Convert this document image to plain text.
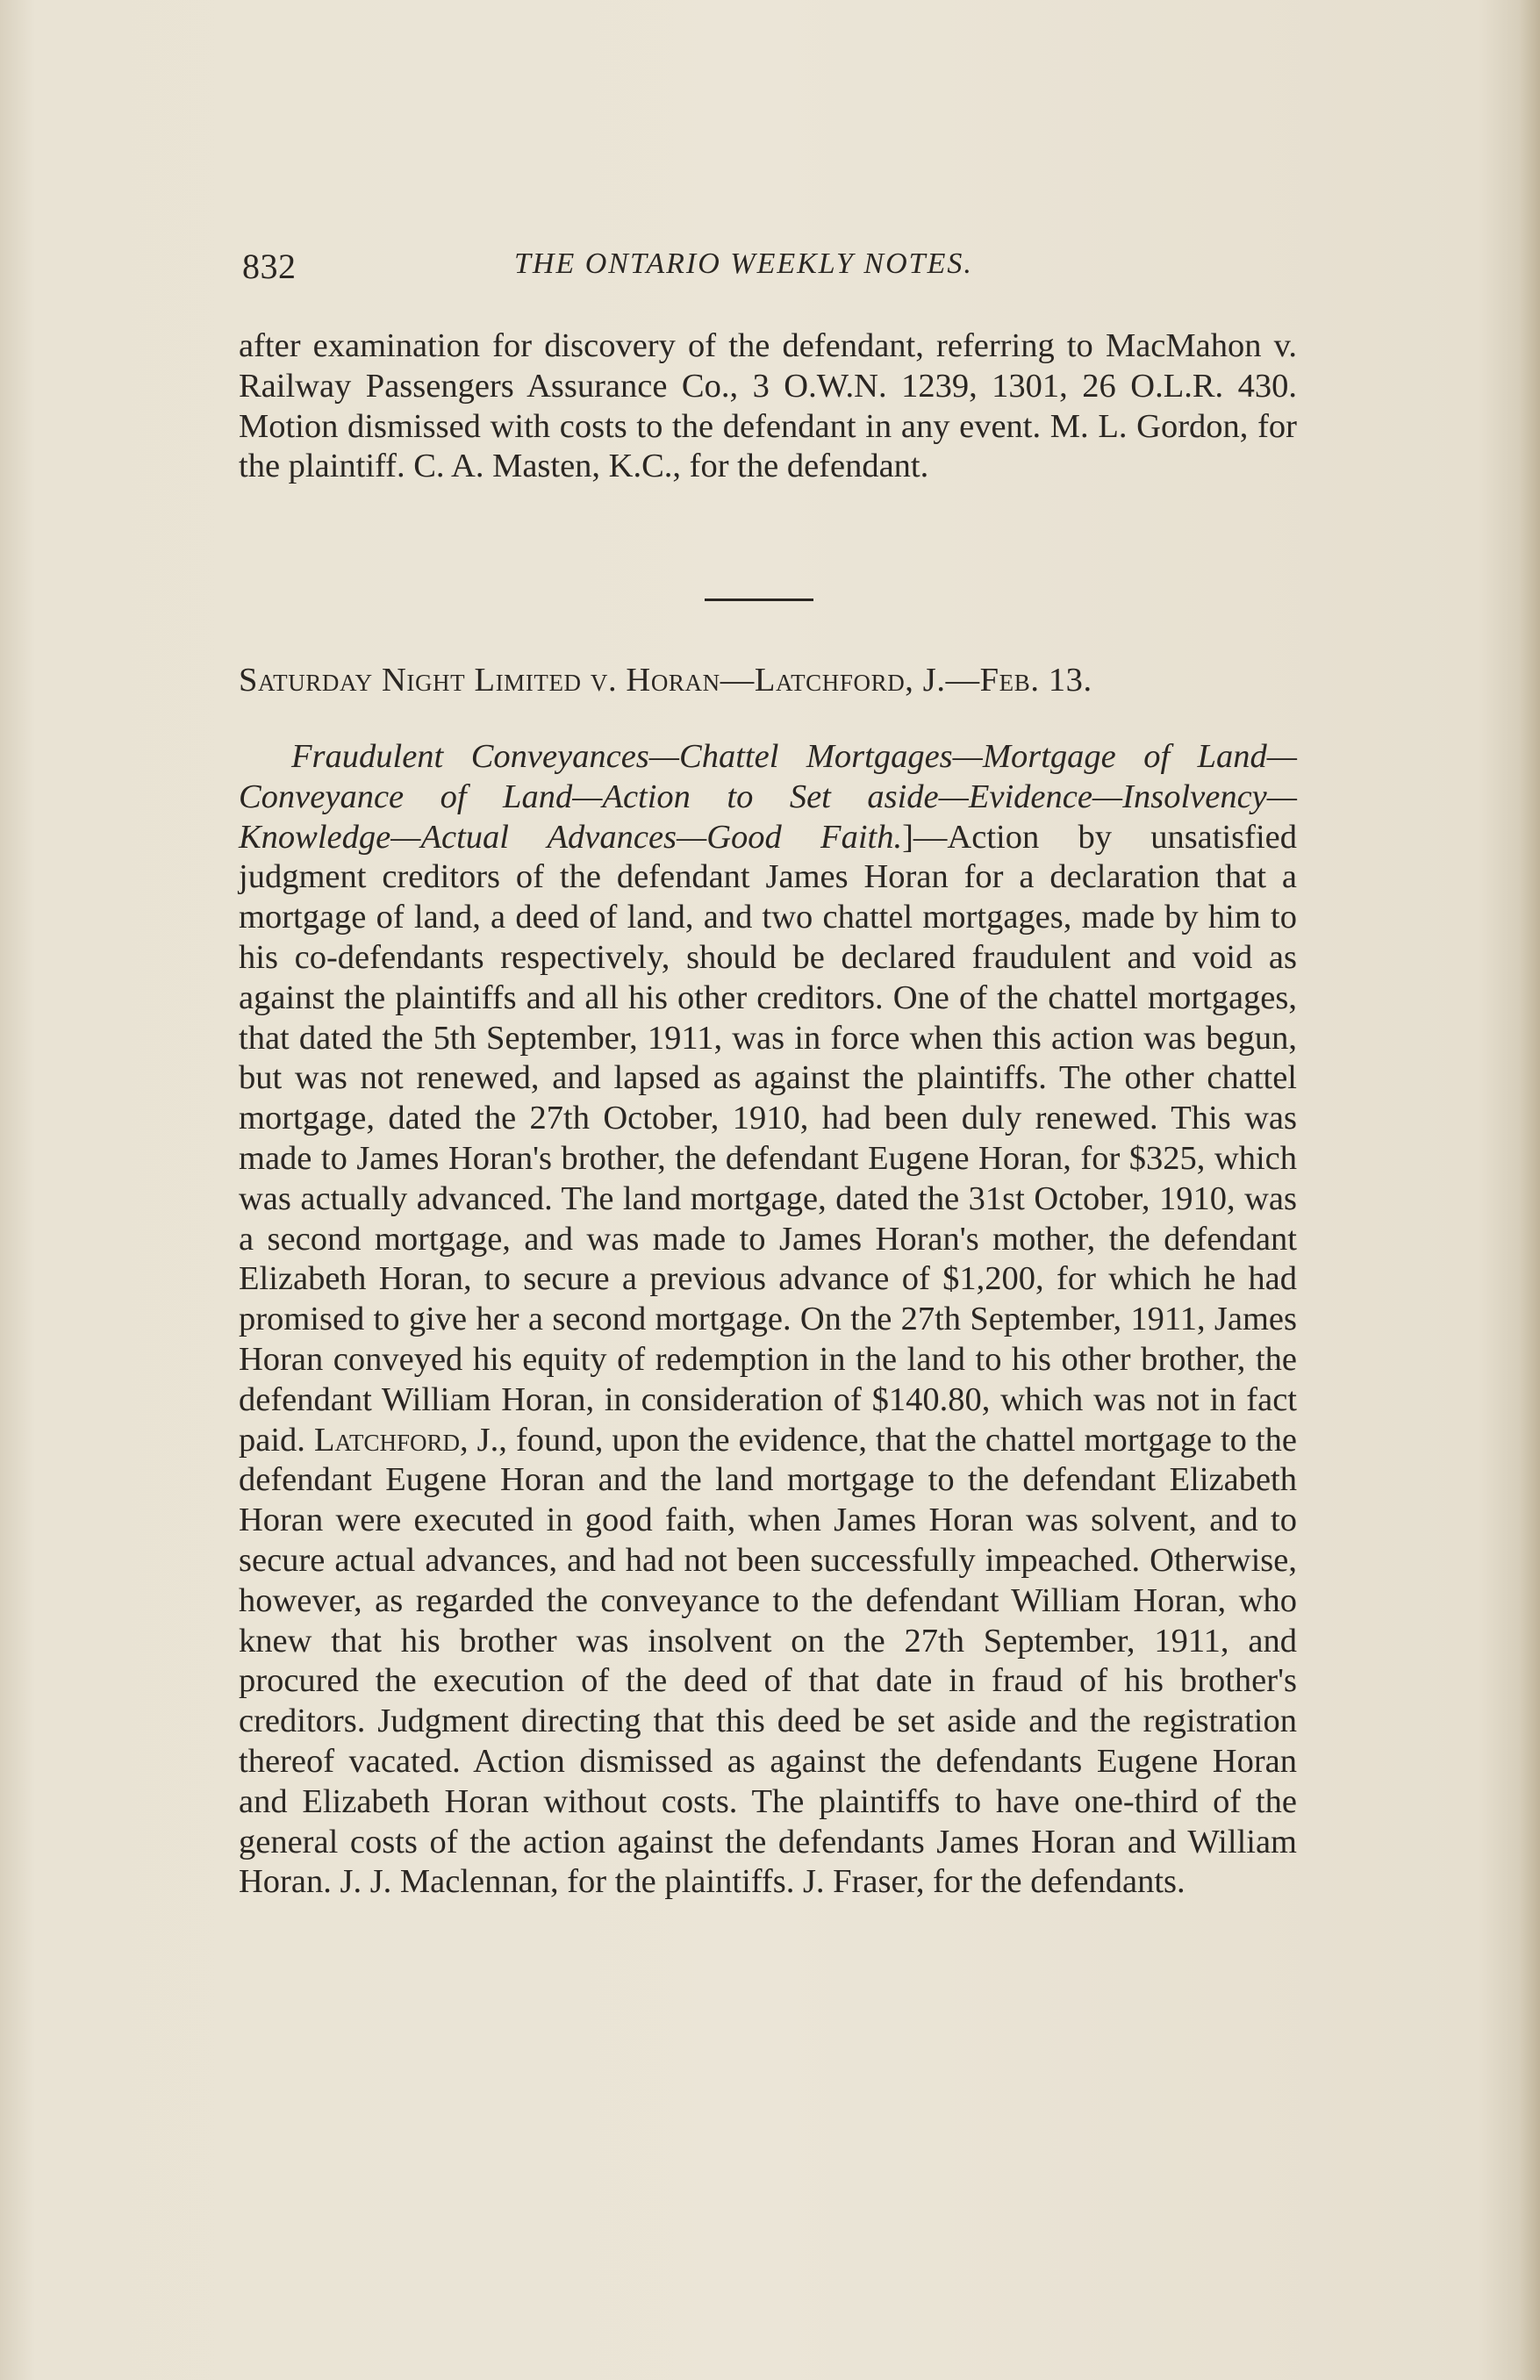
832	THE ONTARIO WEEKLY NOTES.
after examination for discovery of the defendant, referring to MacMahon v. Railway Passengers Assurance Co., 3 O.W.N. 1239, 1301, 26 O.L.R. 430. Motion dismissed with costs to the defendant in any event. M. L. Gordon, for the plaintiff. C. A. Masten, K.C., for the defendant.
Saturday Night Limited v. Horan—Latchford, J.—Feb. 13.
Fraudulent Conveyances—Chattel Mortgages—Mortgage of Land—Conveyance of Land—Action to Set aside—Evidence—Insolvency—Knowledge—Actual Advances—Good Faith.]—Action by unsatisfied judgment creditors of the defendant James Horan for a declaration that a mortgage of land, a deed of land, and two chattel mortgages, made by him to his co-defendants respectively, should be declared fraudulent and void as against the plaintiffs and all his other creditors. One of the chattel mortgages, that dated the 5th September, 1911, was in force when this action was begun, but was not renewed, and lapsed as against the plaintiffs. The other chattel mortgage, dated the 27th October, 1910, had been duly renewed. This was made to James Horan's brother, the defendant Eugene Horan, for $325, which was actually advanced. The land mortgage, dated the 31st October, 1910, was a second mortgage, and was made to James Horan's mother, the defendant Elizabeth Horan, to secure a previous advance of $1,200, for which he had promised to give her a second mortgage. On the 27th September, 1911, James Horan conveyed his equity of redemption in the land to his other brother, the defendant William Horan, in consideration of $140.80, which was not in fact paid. Latchford, J., found, upon the evidence, that the chattel mortgage to the defendant Eugene Horan and the land mortgage to the defendant Elizabeth Horan were executed in good faith, when James Horan was solvent, and to secure actual advances, and had not been successfully impeached. Otherwise, however, as regarded the conveyance to the defendant William Horan, who knew that his brother was insolvent on the 27th September, 1911, and procured the execution of the deed of that date in fraud of his brother's creditors. Judgment directing that this deed be set aside and the registration thereof vacated. Action dismissed as against the defendants Eugene Horan and Elizabeth Horan without costs. The plaintiffs to have one-third of the general costs of the action against the defendants James Horan and William Horan. J. J. Maclennan, for the plaintiffs. J. Fraser, for the defendants.
